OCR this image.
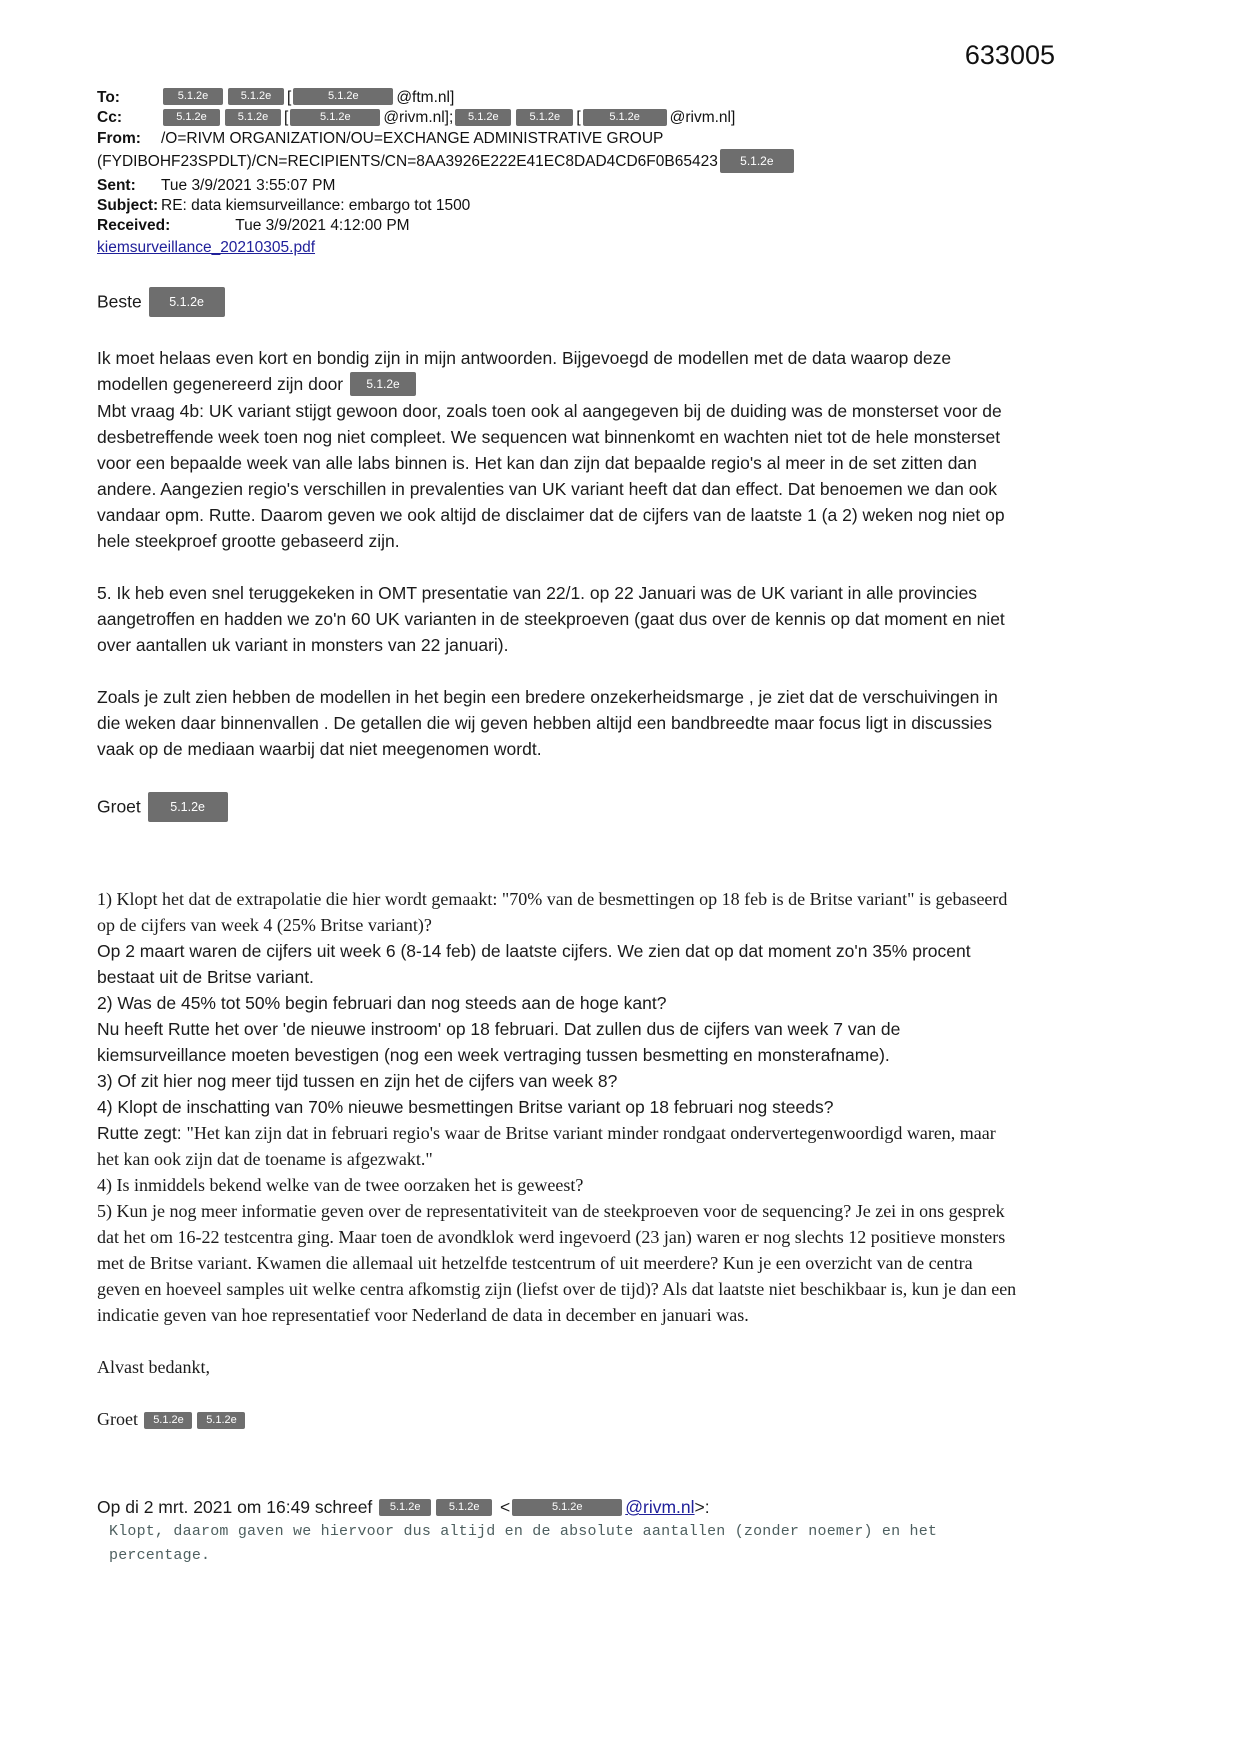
633005
To:	5.1.2e	5.1.2e [	5.1.2e @ftm.nl]
Cc:	5.1.2e	5.1.2e [	5.1.2e @rivm.nl]; 5.1.2e	5.1.2e [	5.1.2e @rivm.nl]
From:	/O=RIVM ORGANIZATION/OU=EXCHANGE ADMINISTRATIVE GROUP
(FYDIBOHF23SPDLT)/CN=RECIPIENTS/CN=8AA3926E222E41EC8DAD4CD6F0B65423 5.1.2e
Sent:	Tue 3/9/2021 3:55:07 PM
Subject: RE: data kiemsurveillance: embargo tot 1500
Received:	Tue 3/9/2021 4:12:00 PM
kiemsurveillance_20210305.pdf
Beste 5.1.2e
Ik moet helaas even kort en bondig zijn in mijn antwoorden. Bijgevoegd de modellen met de data waarop deze modellen gegenereerd zijn door 5.1.2e
Mbt vraag 4b: UK variant stijgt gewoon door, zoals toen ook al aangegeven bij de duiding was de monsterset voor de desbetreffende week toen nog niet compleet. We sequencen wat binnenkomt en wachten niet tot de hele monsterset voor een bepaalde week van alle labs binnen is. Het kan dan zijn dat bepaalde regio's al meer in de set zitten dan andere. Aangezien regio's verschillen in prevalenties van UK variant heeft dat dan effect. Dat benoemen we dan ook vandaar opm. Rutte. Daarom geven we ook altijd de disclaimer dat de cijfers van de laatste 1 (a 2) weken nog niet op hele steekproef grootte gebaseerd zijn.
5. Ik heb even snel teruggekeken in OMT presentatie van 22/1. op 22 Januari was de UK variant in alle provincies aangetroffen en hadden we zo'n 60 UK varianten in de steekproeven (gaat dus over de kennis op dat moment en niet over aantallen uk variant in monsters van 22 januari).
Zoals je zult zien hebben de modellen in het begin een bredere onzekerheidsmarge , je ziet dat de verschuivingen in die weken daar binnenvallen . De getallen die wij geven hebben altijd een bandbreedte maar focus ligt in discussies vaak op de mediaan waarbij dat niet meegenomen wordt.
Groet 5.1.2e
1) Klopt het dat de extrapolatie die hier wordt gemaakt: "70% van de besmettingen op 18 feb is de Britse variant" is gebaseerd op de cijfers van week 4 (25% Britse variant)?
Op 2 maart waren de cijfers uit week 6 (8-14 feb) de laatste cijfers. We zien dat op dat moment zo'n 35% procent bestaat uit de Britse variant.
2) Was de 45% tot 50% begin februari dan nog steeds aan de hoge kant?
Nu heeft Rutte het over 'de nieuwe instroom' op 18 februari. Dat zullen dus de cijfers van week 7 van de kiemsurveillance moeten bevestigen (nog een week vertraging tussen besmetting en monsterafname).
3) Of zit hier nog meer tijd tussen en zijn het de cijfers van week 8?
4) Klopt de inschatting van 70% nieuwe besmettingen Britse variant op 18 februari nog steeds?
Rutte zegt: "Het kan zijn dat in februari regio's waar de Britse variant minder rondgaat ondervertegenwoordigd waren, maar het kan ook zijn dat de toename is afgezwakt."
4) Is inmiddels bekend welke van de twee oorzaken het is geweest?
5) Kun je nog meer informatie geven over de representativiteit van de steekproeven voor de sequencing? Je zei in ons gesprek dat het om 16-22 testcentra ging. Maar toen de avondklok werd ingevoerd (23 jan) waren er nog slechts 12 positieve monsters met de Britse variant. Kwamen die allemaal uit hetzelfde testcentrum of uit meerdere? Kun je een overzicht van de centra geven en hoeveel samples uit welke centra afkomstig zijn (liefst over de tijd)? Als dat laatste niet beschikbaar is, kun je dan een indicatie geven van hoe representatief voor Nederland de data in december en januari was.
Alvast bedankt,
Groet 5.1.2e 5.1.2e
Op di 2 mrt. 2021 om 16:49 schreef 5.1.2e	5.1.2e <	5.1.2e @rivm.nl>:
Klopt, daarom gaven we hiervoor dus altijd en de absolute aantallen (zonder noemer) en het percentage.
